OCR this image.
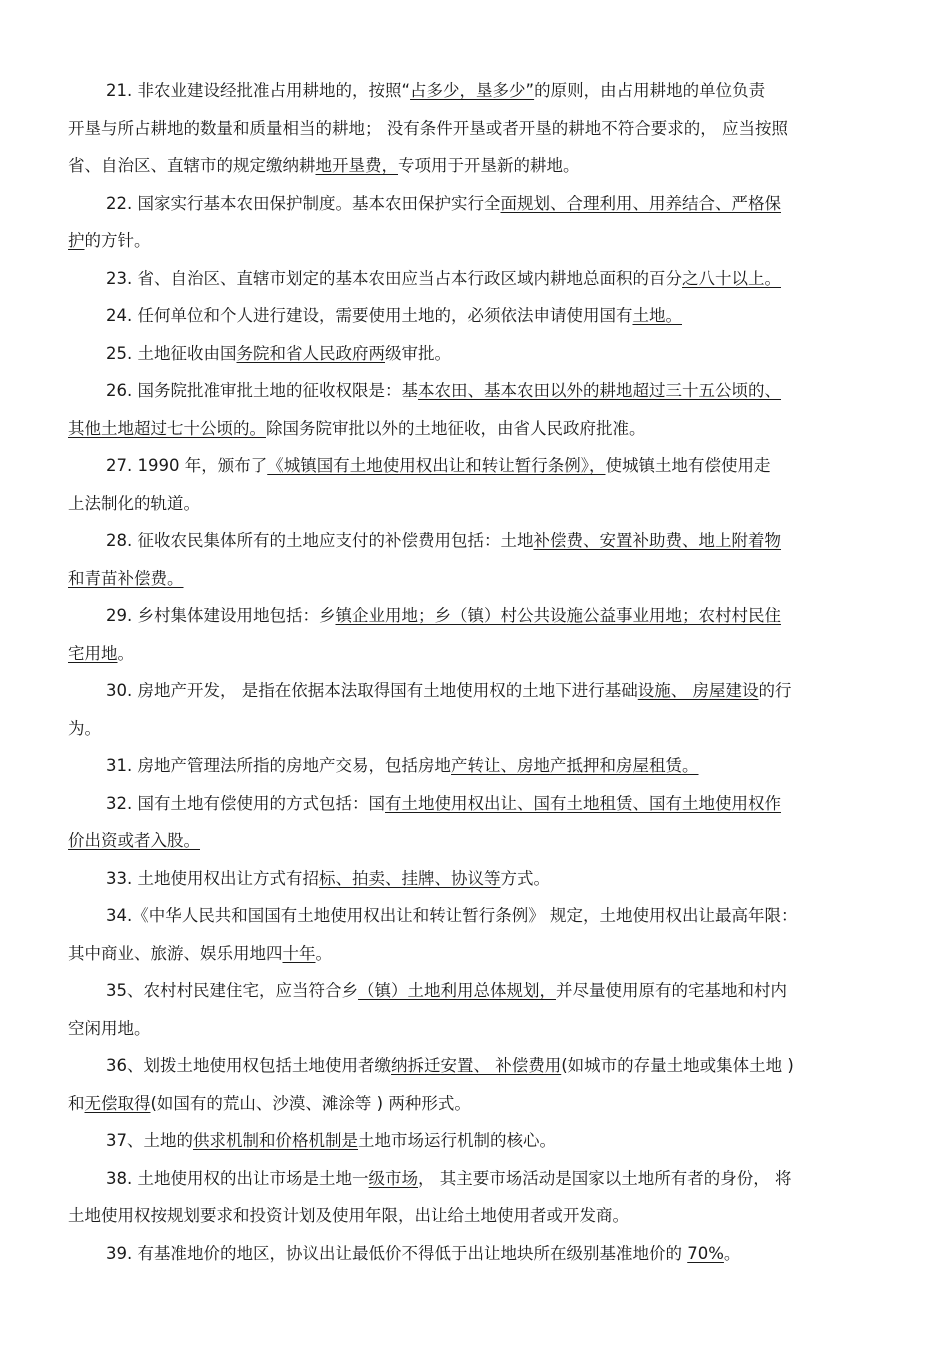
21. 非农业建设经批准占用耕地的，按照“占多少，垦多少”的原则，由占用耕地的单位负责
开垦与所占耕地的数量和质量相当的耕地； 没有条件开垦或者开垦的耕地不符合要求的， 应当按照
省、自治区、直辖市的规定缴纳耕地开垦费，专项用于开垦新的耕地。
22. 国家实行基本农田保护制度。基本农田保护实行全面规划、合理利用、用养结合、严格保
护的方针。
23. 省、自治区、直辖市划定的基本农田应当占本行政区域内耕地总面积的百分之八十以上。
24. 任何单位和个人进行建设，需要使用土地的，必须依法申请使用国有土地。
25. 土地征收由国务院和省人民政府两级审批。
26. 国务院批准审批土地的征收权限是：基本农田、基本农田以外的耕地超过三十五公顷的、
其他土地超过七十公顷的。除国务院审批以外的土地征收，由省人民政府批准。
27. 1990 年，颁布了《城镇国有土地使用权出让和转让暂行条例》，使城镇土地有偿使用走
上法制化的轨道。
28. 征收农民集体所有的土地应支付的补偿费用包括：土地补偿费、安置补助费、地上附着物
和青苗补偿费。
29. 乡村集体建设用地包括：乡镇企业用地；乡（镇）村公共设施公益事业用地；农村村民住
宅用地。
30. 房地产开发， 是指在依据本法取得国有土地使用权的土地下进行基础设施、 房屋建设的行
为。
31. 房地产管理法所指的房地产交易，包括房地产转让、房地产抵押和房屋租赁。
32. 国有土地有偿使用的方式包括：国有土地使用权出让、国有土地租赁、国有土地使用权作
价出资或者入股。
33. 土地使用权出让方式有招标、拍卖、挂牌、协议等方式。
34.《中华人民共和国国有土地使用权出让和转让暂行条例》 规定，土地使用权出让最高年限：
其中商业、旅游、娱乐用地四十年。
35、农村村民建住宅，应当符合乡（镇）土地利用总体规划，并尽量使用原有的宅基地和村内
空闲用地。
36、划拨土地使用权包括土地使用者缴纳拆迁安置、 补偿费用(如城市的存量土地或集体土地 )
和无偿取得(如国有的荒山、沙漠、滩涂等 ) 两种形式。
37、土地的供求机制和价格机制是土地市场运行机制的核心。
38. 土地使用权的出让市场是土地一级市场， 其主要市场活动是国家以土地所有者的身份， 将
土地使用权按规划要求和投资计划及使用年限，出让给土地使用者或开发商。
39. 有基准地价的地区，协议出让最低价不得低于出让地块所在级别基准地价的 70%。
